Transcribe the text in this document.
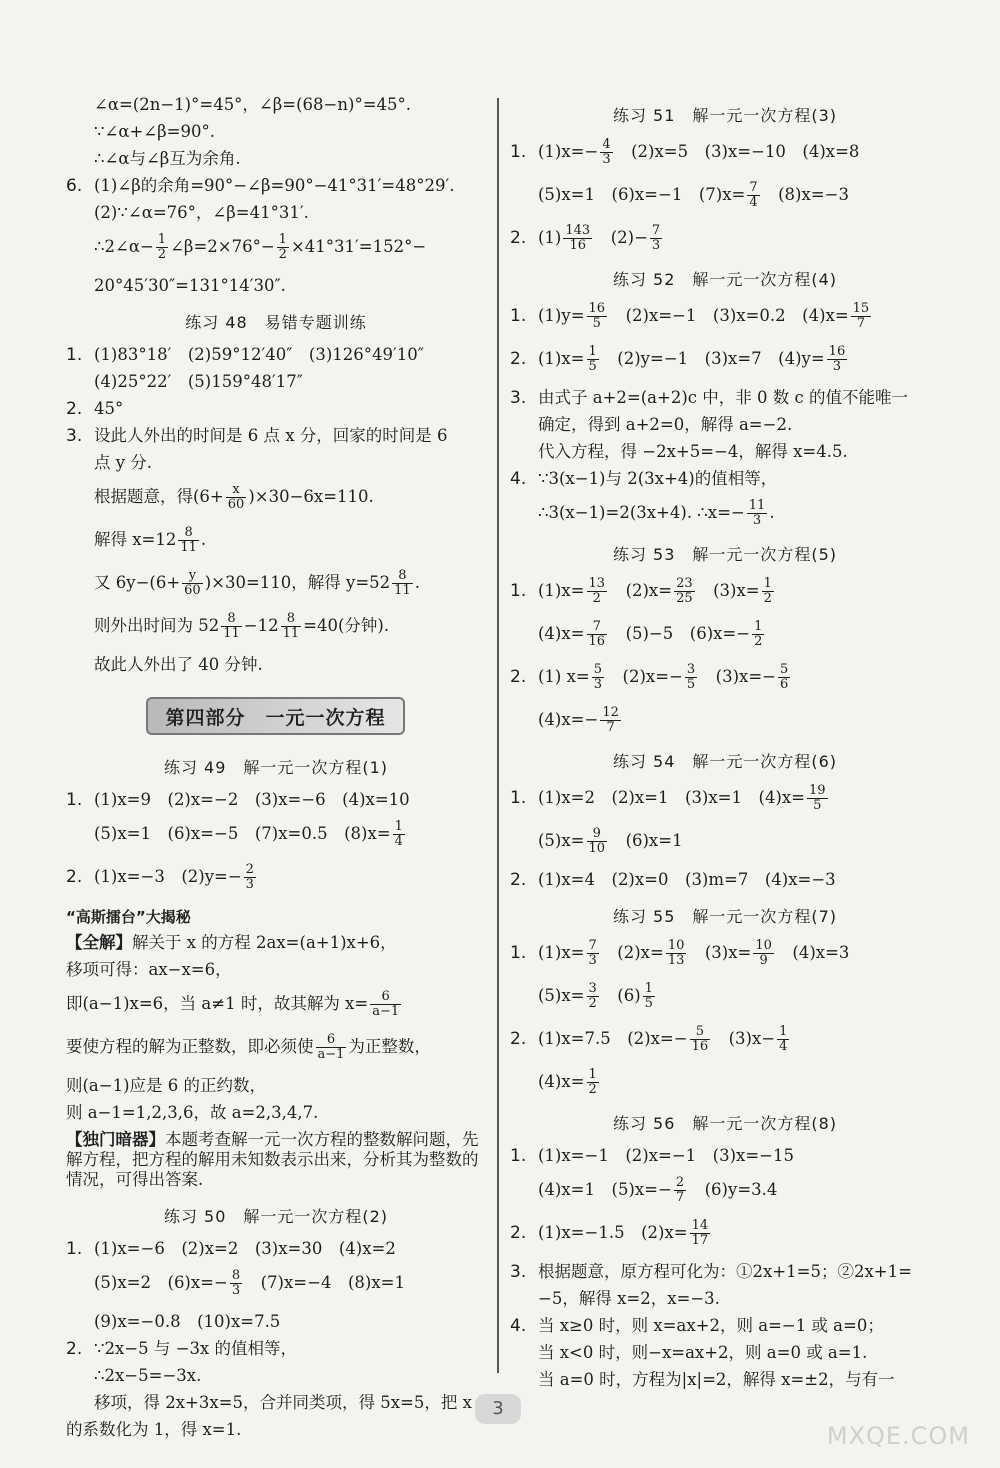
∠α=(2n−1)°=45°，∠β=(68−n)°=45°.
∵∠α+∠β=90°.
∴∠α与∠β互为余角.
6. (1)∠β的余角=90°−∠β=90°−41°31′=48°29′.
(2)∵∠α=76°，∠β=41°31′.
∴2∠α− $\frac{1}{2}$ ∠β=2×76°− $\frac{1}{2} \times 41^\circ 31'=152^\circ-$
20°45′30″=131°14′30″.
练习 48　易错专题训练
1. (1)83°18′　(2)59°12′40″　(3)126°49′10″
(4)25°22′　(5)159°48′17″
2. 45°
3. 设此人外出的时间是 6 点 x 分，回家的时间是 6
点 y 分.
根据题意，得$(6+ \frac{x}{60} )\times 30-6x=110$.
解得 $x=12 \frac{8}{11}$ .
又 $6y-(6+ \frac{y}{60} )\times 30=110$，解得 $y=52 \frac{8}{11}$ .
则外出时间为 $52 \frac{8}{11} -12 \frac{8}{11} =40$(分钟).
故此人外出了 40 分钟.
第四部分　一元一次方程
练习 49　解一元一次方程(1)
1. (1)x=9　(2)x=−2　(3)x=−6　(4)x=10
(5)x=1　(6)x=−5　(7)x=0.5　$(8)x= \frac{1}{4}$
2. (1)x=−3　$(2)y=- \frac{2}{3}$
“高斯擂台”大揭秘
【全解】解关于 x 的方程 2ax=(a+1)x+6，
移项可得：ax−x=6，
即(a−1)x=6，当 a≠1 时，故其解为 $x= \frac{6}{a-1}$
要使方程的解为正整数，即必须使 $\frac{6}{a-1}$ 为正整数，
则(a−1)应是 6 的正约数，
则 a−1=1,2,3,6，故 a=2,3,4,7.
【独门暗器】本题考查解一元一次方程的整数解问题，先解方程，把方程的解用未知数表示出来，分析其为整数的情况，可得出答案.
练习 50　解一元一次方程(2)
1. (1)x=−6　(2)x=2　(3)x=30　(4)x=2
(5)x=2　$(6)x=- \frac{8}{3}$ 　(7)x=−4　(8)x=1
(9)x=−0.8　(10)x=7.5
2. ∵2x−5 与 −3x 的值相等，
∴2x−5=−3x.
移项，得 2x+3x=5，合并同类项，得 5x=5，把 x
的系数化为 1，得 x=1.
练习 51　解一元一次方程(3)
1. $(1)x=- \frac{4}{3}$ 　(2)x=5　(3)x=−10　(4)x=8
(5)x=1　(6)x=−1　$(7)x= \frac{7}{4}$ 　(8)x=−3
2. $(1) \frac{143}{16}$ 　$(2)- \frac{7}{3}$
练习 52　解一元一次方程(4)
1. $(1)y= \frac{16}{5}$ 　(2)x=−1　(3)x=0.2　$(4)x= \frac{15}{7}$
2. $(1)x= \frac{1}{5}$ 　(2)y=−1　(3)x=7　$(4)y= \frac{16}{3}$
3. 由式子 a+2=(a+2)c 中，非 0 数 c 的值不能唯一
确定，得到 a+2=0，解得 a=−2.
代入方程，得 −2x+5=−4，解得 x=4.5.
4. ∵3(x−1)与 2(3x+4)的值相等，
∴3(x−1)=2(3x+4). ∴x=− $\frac{11}{3}$ .
练习 53　解一元一次方程(5)
1. $(1)x= \frac{13}{2}$ 　$(2)x= \frac{23}{25}$ 　$(3)x= \frac{1}{2}$
$(4)x= \frac{7}{16}$ 　(5)−5　$(6)x=- \frac{1}{2}$
2. (1) $x= \frac{5}{3}$ 　$(2)x=- \frac{3}{5}$ 　$(3)x=- \frac{5}{6}$
$(4)x=- \frac{12}{7}$
练习 54　解一元一次方程(6)
1. (1)x=2　(2)x=1　(3)x=1　$(4)x= \frac{19}{5}$
$(5)x= \frac{9}{10}$ 　(6)x=1
2. (1)x=4　(2)x=0　(3)m=7　(4)x=−3
练习 55　解一元一次方程(7)
1. $(1)x= \frac{7}{3}$ 　$(2)x= \frac{10}{13}$ 　$(3)x= \frac{10}{9}$ 　(4)x=3
$(5)x= \frac{3}{2}$ 　$(6) \frac{1}{5}$
2. (1)x=7.5　$(2)x=- \frac{5}{16}$ 　$(3)x- \frac{1}{4}$
$(4)x= \frac{1}{2}$
练习 56　解一元一次方程(8)
1. (1)x=−1　(2)x=−1　(3)x=−15
(4)x=1　$(5)x=- \frac{2}{7}$ 　(6)y=3.4
2. (1)x=−1.5　$(2)x= \frac{14}{17}$
3. 根据题意，原方程可化为：①2x+1=5；②2x+1=
−5，解得 x=2，x=−3.
4. 当 x≥0 时，则 x=ax+2，则 a=−1 或 a=0；
当 x<0 时，则−x=ax+2，则 a=0 或 a=1.
当 a=0 时，方程为|x|=2，解得 x=±2，与有一
3
MXQE.COM
